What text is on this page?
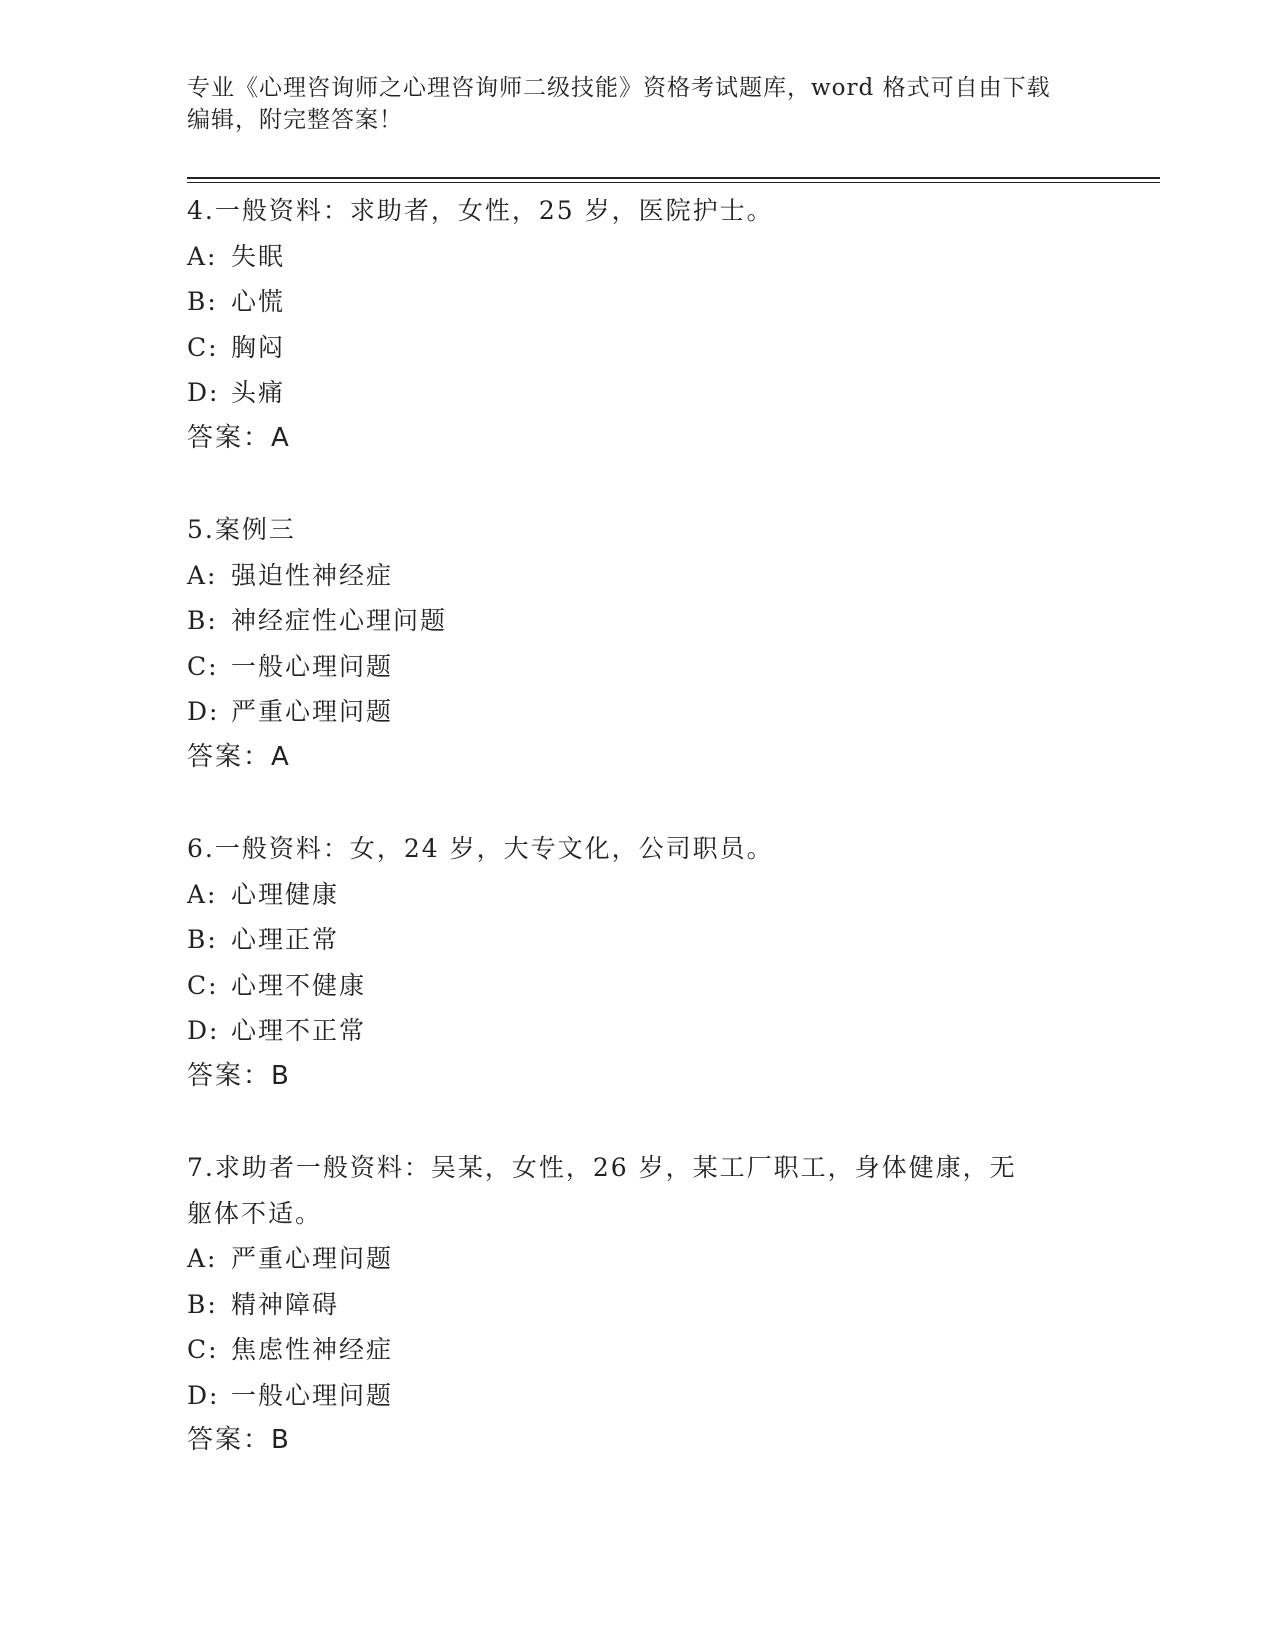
专业《心理咨询师之心理咨询师二级技能》资格考试题库，word 格式可自由下载
编辑，附完整答案！
4.一般资料：求助者，女性，25 岁，医院护士。
A: 失眠
B: 心慌
C: 胸闷
D: 头痛
答案：A
5.案例三
A: 强迫性神经症
B: 神经症性心理问题
C: 一般心理问题
D: 严重心理问题
答案：A
6.一般资料：女，24 岁，大专文化，公司职员。
A: 心理健康
B: 心理正常
C: 心理不健康
D: 心理不正常
答案：B
7.求助者一般资料：吴某，女性，26 岁，某工厂职工，身体健康，无
躯体不适。
A: 严重心理问题
B: 精神障碍
C: 焦虑性神经症
D: 一般心理问题
答案：B
